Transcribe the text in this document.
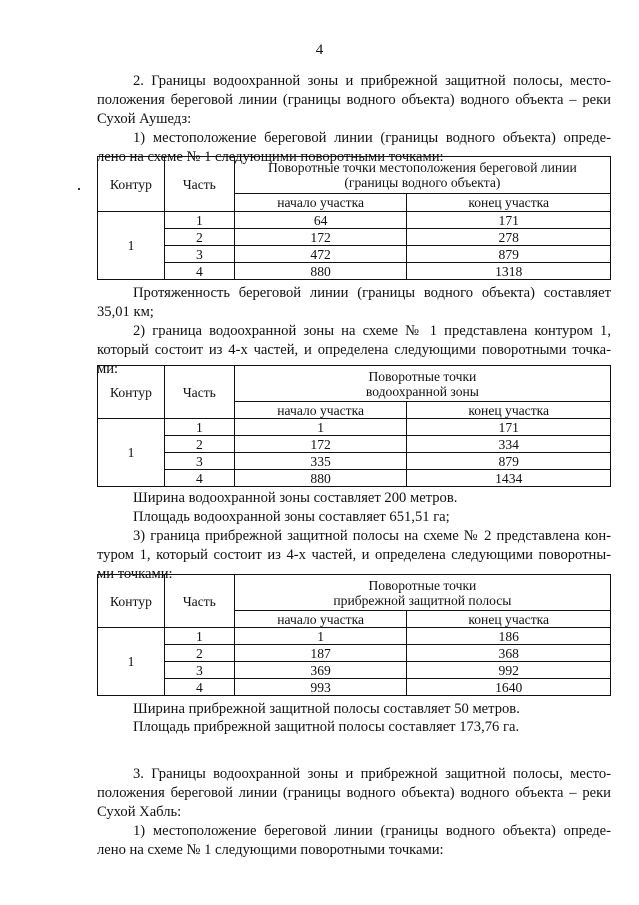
4
2. Границы водоохранной зоны и прибрежной защитной полосы, место-
положения береговой линии (границы водного объекта) водного объекта – реки
Сухой Аушедз:
1) местоположение береговой линии (границы водного объекта) опреде-
лено на схеме № 1 следующими поворотными точками:
Контур	Часть	Поворотные точки местоположения береговой линии
(границы водного объекта)	

		начало участка	конец участка
1	1	64	171
	2	172	278
	3	472	879
	4	880	1318
Протяженность береговой линии (границы водного объекта) составляет
35,01 км;
2) граница водоохранной зоны на схеме № 1 представлена контуром 1,
который состоит из 4-х частей, и определена следующими поворотными точка-
ми:
Контур	Часть	Поворотные точки
водоохранной зоны	

		начало участка	конец участка
1	1	1	171
	2	172	334
	3	335	879
	4	880	1434
Ширина водоохранной зоны составляет 200 метров.
Площадь водоохранной зоны составляет 651,51 га;
3) граница прибрежной защитной полосы на схеме № 2 представлена кон-
туром 1, который состоит из 4-х частей, и определена следующими поворотны-
ми точками:
Контур	Часть	Поворотные точки
прибрежной защитной полосы	

		начало участка	конец участка
1	1	1	186
	2	187	368
	3	369	992
	4	993	1640
Ширина прибрежной защитной полосы составляет 50 метров.
Площадь прибрежной защитной полосы составляет 173,76 га.
3. Границы водоохранной зоны и прибрежной защитной полосы, место-
положения береговой линии (границы водного объекта) водного объекта – реки
Сухой Хабль:
1) местоположение береговой линии (границы водного объекта) опреде-
лено на схеме № 1 следующими поворотными точками:
